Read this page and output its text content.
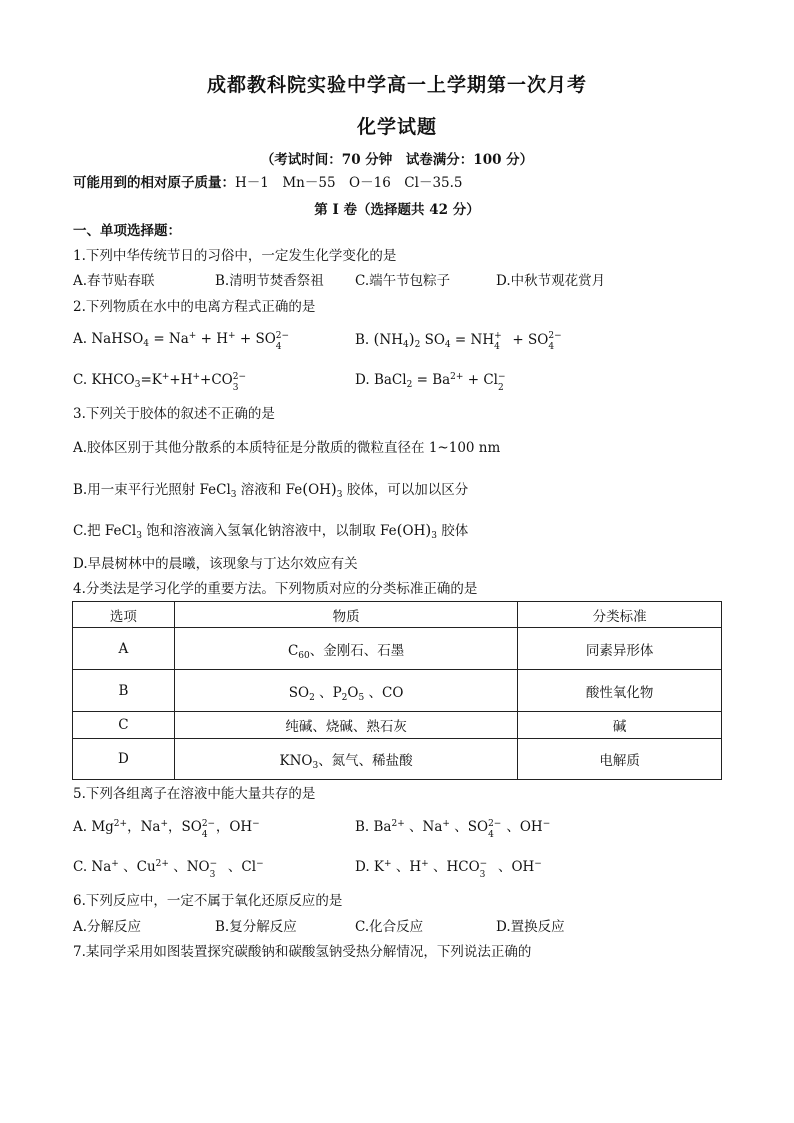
成都教科院实验中学高一上学期第一次月考
化学试题
（考试时间：70 分钟　试卷满分：100 分）
可能用到的相对原子质量：H－1　Mn－55　O－16　Cl－35.5
第 I 卷（选择题共 42 分）
一、单项选择题：
1.下列中华传统节日的习俗中，一定发生化学变化的是
A.春节贴春联	B.清明节焚香祭祖 C.端午节包粽子	D.中秋节观花赏月
2.下列物质在水中的电离方程式正确的是
A. NaHSO$_4$ = Na+ + H+ + SO 2−
4	B. $(NH_4)_2$ $SO_4$ = NH +
4 + SO 2−
4
C. $KHCO_3=K^++H^++CO$ 2−
3	D. BaCl$_2$ = $Ba^{2+} + Cl$ −
2
3.下列关于胶体的叙述不正确的是
A.胶体区别于其他分散系的本质特征是分散质的微粒直径在 1~100 nm
B.用一束平行光照射 FeCl$_3$ 溶液和 $Fe(OH)_3$ 胶体，可以加以区分
C.把 FeCl$_3$ 饱和溶液滴入氢氧化钠溶液中，以制取 $Fe(OH)_3$ 胶体
D.早晨树林中的晨曦，该现象与丁达尔效应有关
4.分类法是学习化学的重要方法。下列物质对应的分类标准正确的是
选项	物质	分类标准
A	$C_{60}$、金刚石、石墨	同素异形体
B	$SO_2$ 、$P_2O_5$ 、CO	酸性氧化物
C	纯碱、烧碱、熟石灰	碱
D	$KNO_3$、氮气、稀盐酸	电解质
5.下列各组离子在溶液中能大量共存的是
A. $Mg^{2+}$，Na+，SO 2−
4 ，OH−	B. $Ba^{2+}$ 、Na+ 、SO 2−
4 、OH−
C. Na+ 、$Cu^{2+}$ 、NO −
3 、Cl−	D. K+ 、H+ 、HCO −
3 、OH−
6.下列反应中，一定不属于氧化还原反应的是
A.分解反应	B.复分解反应	C.化合反应	D.置换反应
7.某同学采用如图装置探究碳酸钠和碳酸氢钠受热分解情况，下列说法正确的
